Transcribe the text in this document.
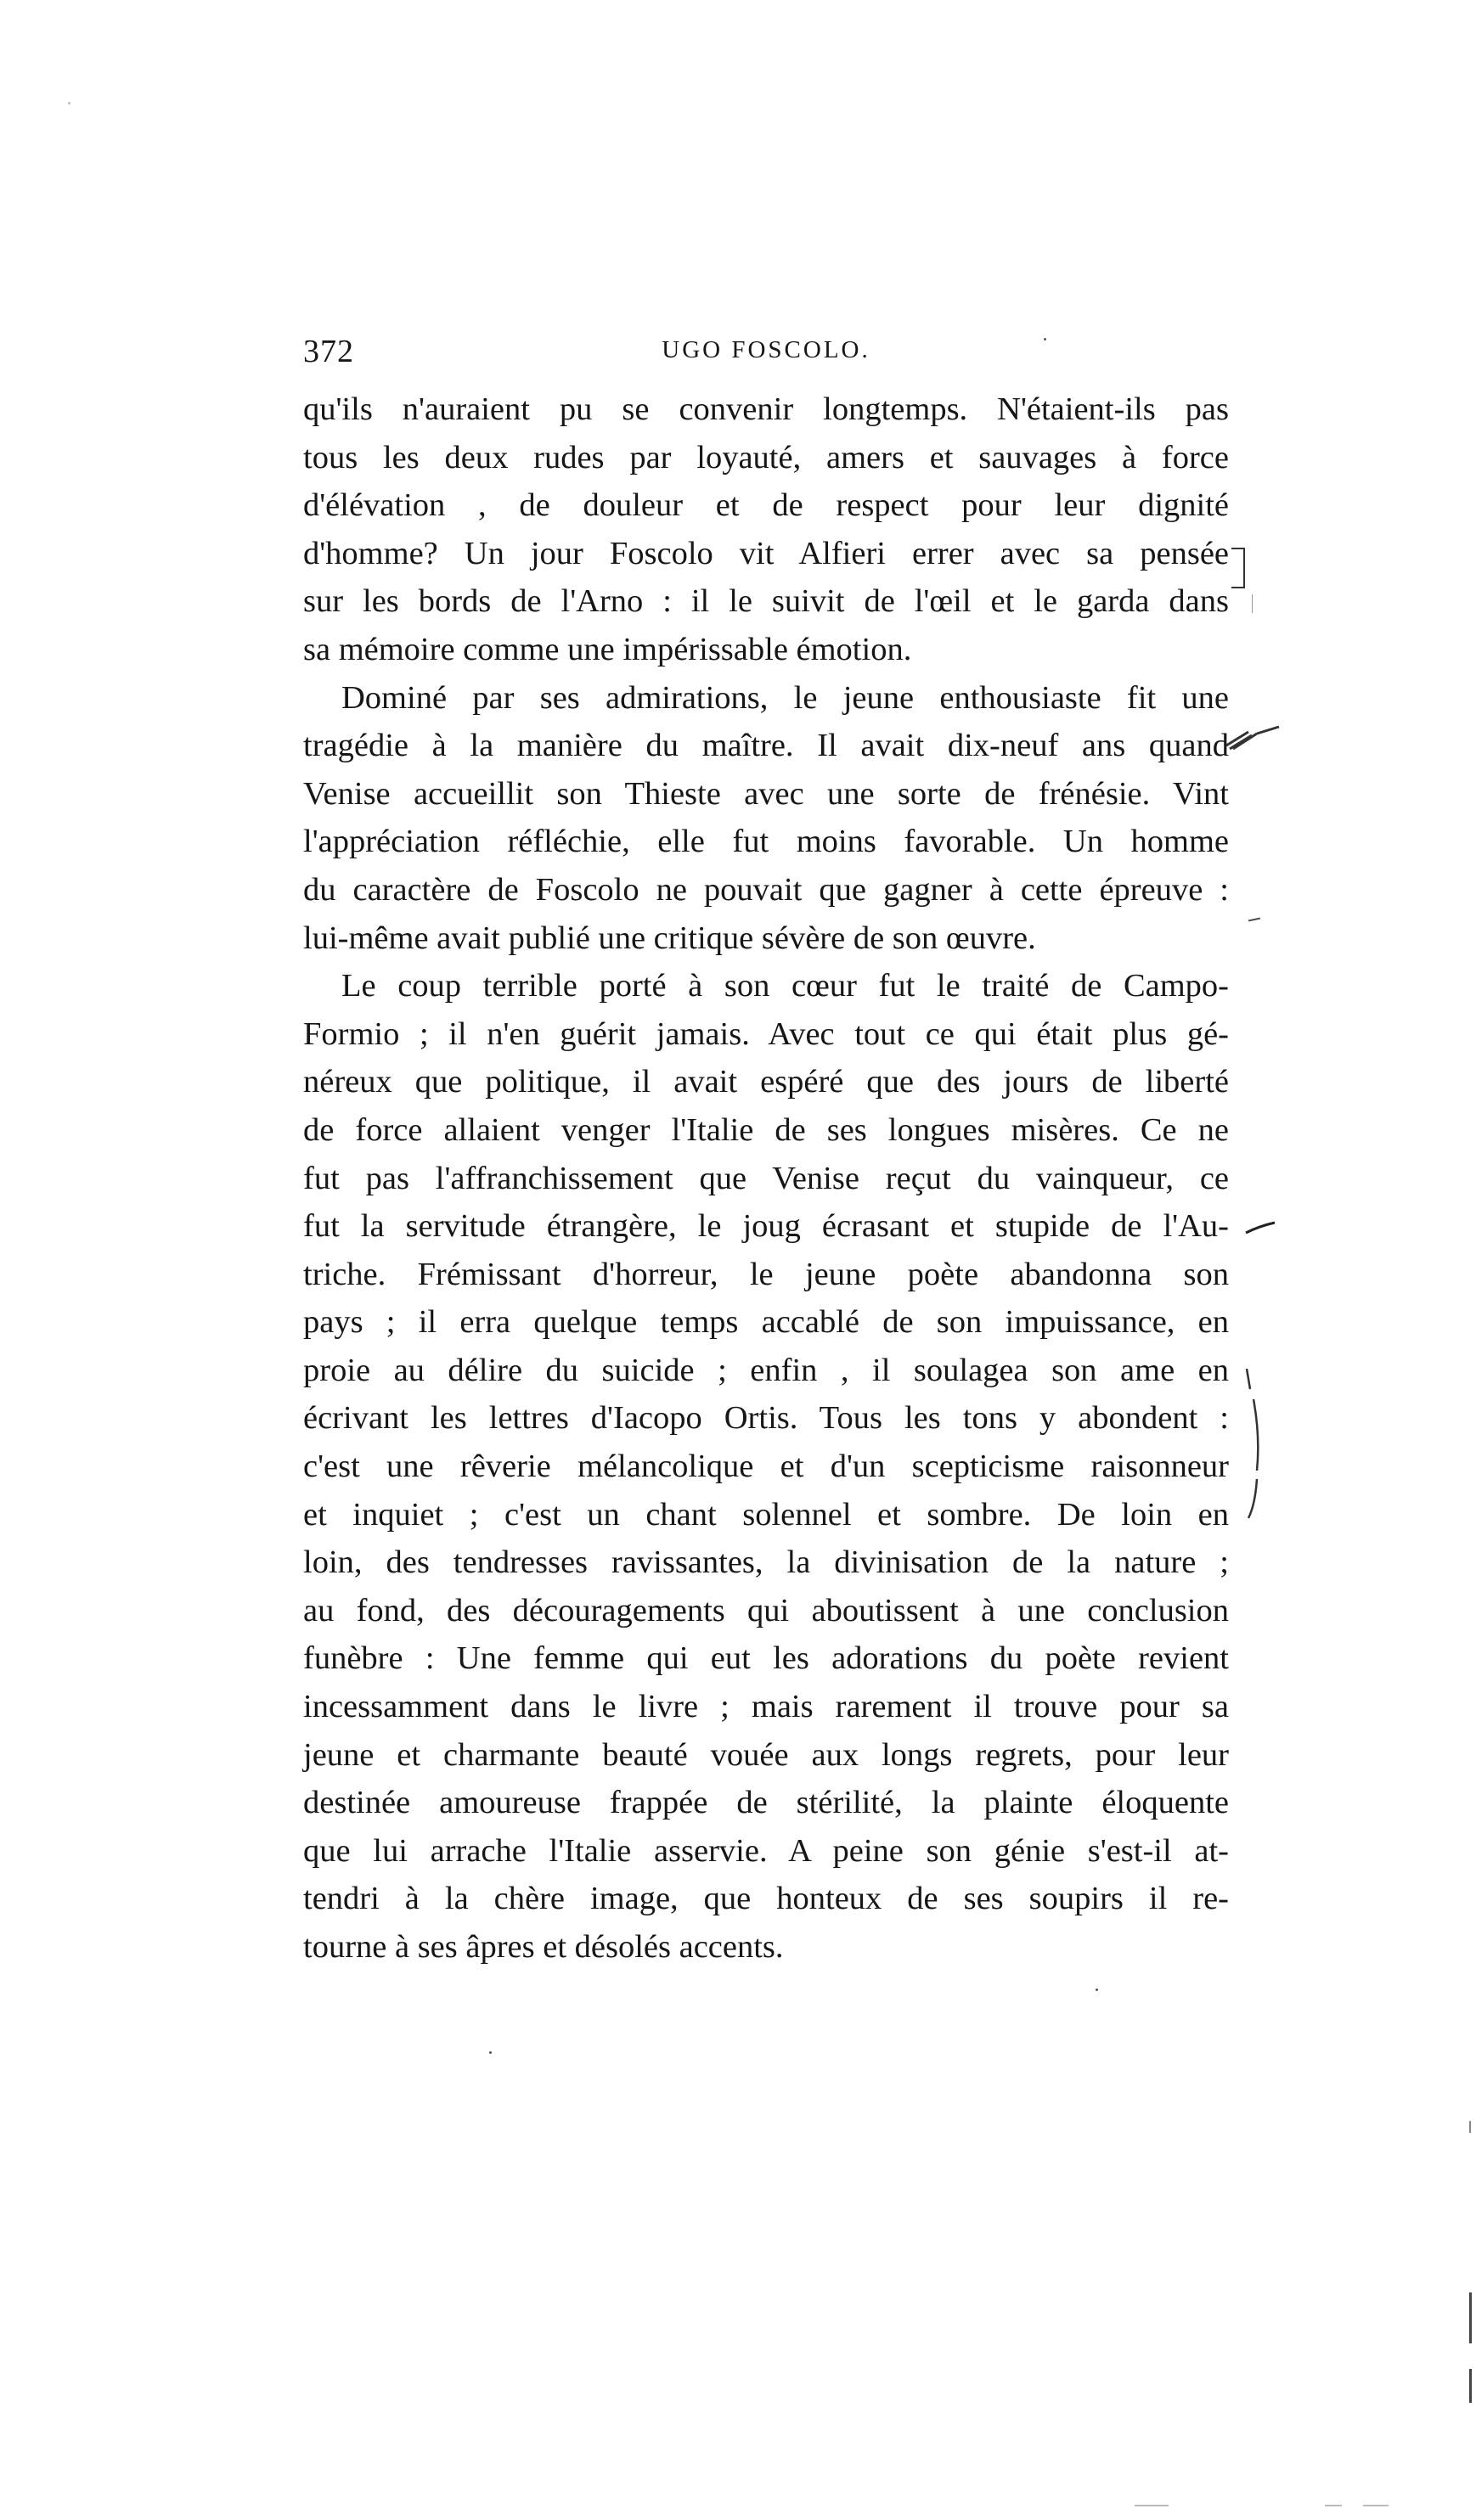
372	UGO FOSCOLO.
qu'ils n'auraient pu se convenir longtemps. N'étaient-ils pas
tous les deux rudes par loyauté, amers et sauvages à force
d'élévation , de douleur et de respect pour leur dignité
d'homme? Un jour Foscolo vit Alfieri errer avec sa pensée
sur les bords de l'Arno : il le suivit de l'œil et le garda dans
sa mémoire comme une impérissable émotion.
Dominé par ses admirations, le jeune enthousiaste fit une
tragédie à la manière du maître. Il avait dix-neuf ans quand
Venise accueillit son Thieste avec une sorte de frénésie. Vint
l'appréciation réfléchie, elle fut moins favorable. Un homme
du caractère de Foscolo ne pouvait que gagner à cette épreuve :
lui-même avait publié une critique sévère de son œuvre.
Le coup terrible porté à son cœur fut le traité de Campo-
Formio ; il n'en guérit jamais. Avec tout ce qui était plus gé-
néreux que politique, il avait espéré que des jours de liberté
de force allaient venger l'Italie de ses longues misères. Ce ne
fut pas l'affranchissement que Venise reçut du vainqueur, ce
fut la servitude étrangère, le joug écrasant et stupide de l'Au-
triche. Frémissant d'horreur, le jeune poète abandonna son
pays ; il erra quelque temps accablé de son impuissance, en
proie au délire du suicide ; enfin , il soulagea son ame en
écrivant les lettres d'Iacopo Ortis. Tous les tons y abondent :
c'est une rêverie mélancolique et d'un scepticisme raisonneur
et inquiet ; c'est un chant solennel et sombre. De loin en
loin, des tendresses ravissantes, la divinisation de la nature ;
au fond, des découragements qui aboutissent à une conclusion
funèbre : Une femme qui eut les adorations du poète revient
incessamment dans le livre ; mais rarement il trouve pour sa
jeune et charmante beauté vouée aux longs regrets, pour leur
destinée amoureuse frappée de stérilité, la plainte éloquente
que lui arrache l'Italie asservie. A peine son génie s'est-il at-
tendri à la chère image, que honteux de ses soupirs il re-
tourne à ses âpres et désolés accents.
